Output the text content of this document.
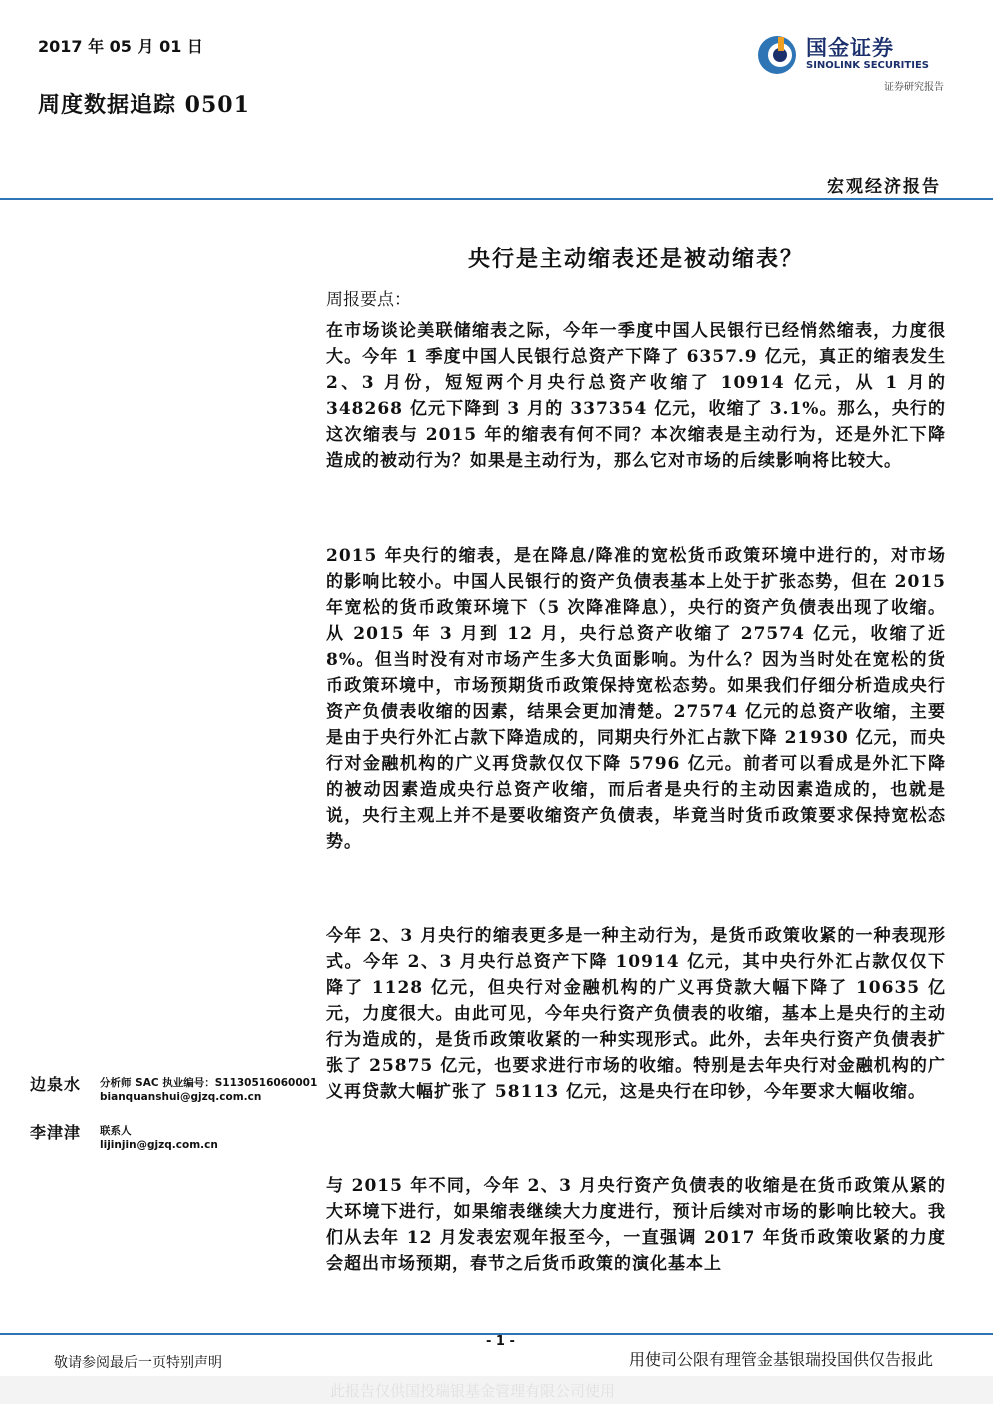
2017 年 05 月 01 日
周度数据追踪 0501
国金证券
SINOLINK SECURITIES
证券研究报告
宏观经济报告
央行是主动缩表还是被动缩表？
周报要点：

在市场谈论美联储缩表之际，今年一季度中国人民银行已经悄然缩表，力度很大。今年 1 季度中国人民银行总资产下降了 6357.9 亿元，真正的缩表发生 2、3 月份，短短两个月央行总资产收缩了 10914 亿元，从 1 月的 348268 亿元下降到 3 月的 337354 亿元，收缩了 3.1%。那么，央行的这次缩表与 2015 年的缩表有何不同？本次缩表是主动行为，还是外汇下降造成的被动行为？如果是主动行为，那么它对市场的后续影响将比较大。

2015 年央行的缩表，是在降息/降准的宽松货币政策环境中进行的，对市场的影响比较小。中国人民银行的资产负债表基本上处于扩张态势，但在 2015 年宽松的货币政策环境下（5 次降准降息），央行的资产负债表出现了收缩。从 2015 年 3 月到 12 月，央行总资产收缩了 27574 亿元，收缩了近 8%。但当时没有对市场产生多大负面影响。为什么？因为当时处在宽松的货币政策环境中，市场预期货币政策保持宽松态势。如果我们仔细分析造成央行资产负债表收缩的因素，结果会更加清楚。27574 亿元的总资产收缩，主要是由于央行外汇占款下降造成的，同期央行外汇占款下降 21930 亿元，而央行对金融机构的广义再贷款仅仅下降 5796 亿元。前者可以看成是外汇下降的被动因素造成央行总资产收缩，而后者是央行的主动因素造成的，也就是说，央行主观上并不是要收缩资产负债表，毕竟当时货币政策要求保持宽松态势。

今年 2、3 月央行的缩表更多是一种主动行为，是货币政策收紧的一种表现形式。今年 2、3 月央行总资产下降 10914 亿元，其中央行外汇占款仅仅下降了 1128 亿元，但央行对金融机构的广义再贷款大幅下降了 10635 亿元，力度很大。由此可见，今年央行资产负债表的收缩，基本上是央行的主动行为造成的，是货币政策收紧的一种实现形式。此外，去年央行资产负债表扩张了 25875 亿元，也要求进行市场的收缩。特别是去年央行对金融机构的广义再贷款大幅扩张了 58113 亿元，这是央行在印钞，今年要求大幅收缩。

与 2015 年不同，今年 2、3 月央行资产负债表的收缩是在货币政策从紧的大环境下进行，如果缩表继续大力度进行，预计后续对市场的影响比较大。我们从去年 12 月发表宏观年报至今，一直强调 2017 年货币政策收紧的力度会超出市场预期，春节之后货币政策的演化基本上

边泉水 分析师 SAC 执业编号：S1130516060001
bianquanshui@gjzq.com.cn
李津津 联系人
lijinjin@gjzq.com.cn
- 1 -
敬请参阅最后一页特别声明	用使司公限有理管金基银瑞投国供仅告报此
此报告仅供国投瑞银基金管理有限公司使用
